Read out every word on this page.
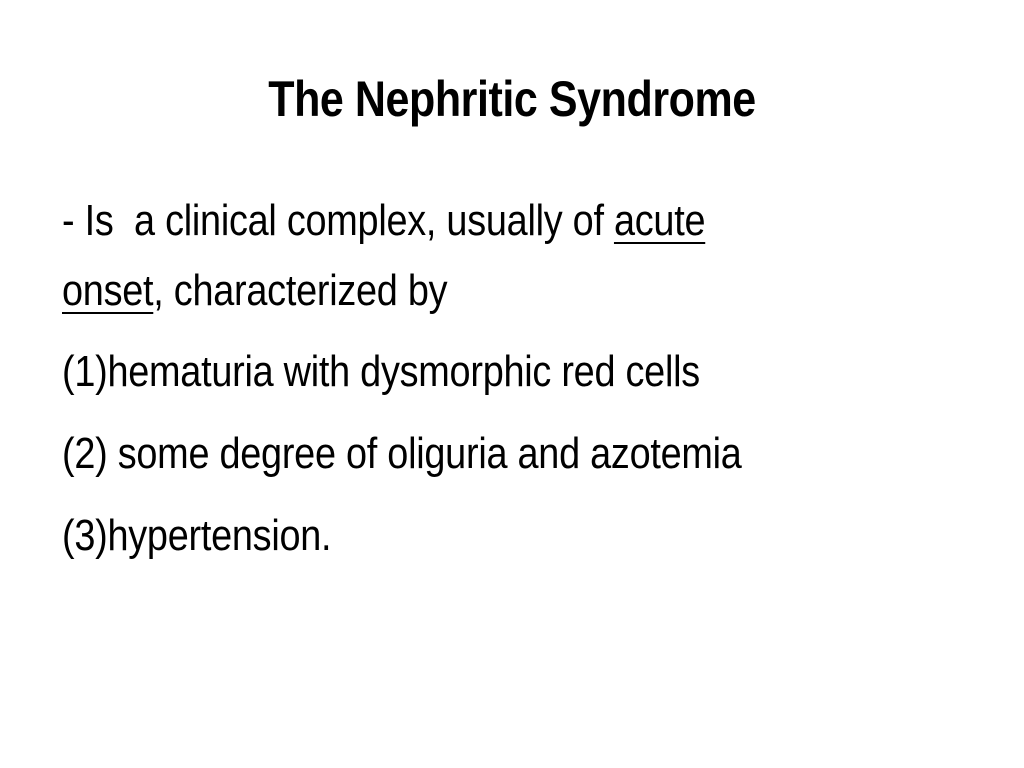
The Nephritic Syndrome

- Is  a clinical complex, usually of acute

onset, characterized by

(1)hematuria with dysmorphic red cells

(2) some degree of oliguria and azotemia

(3)hypertension.
